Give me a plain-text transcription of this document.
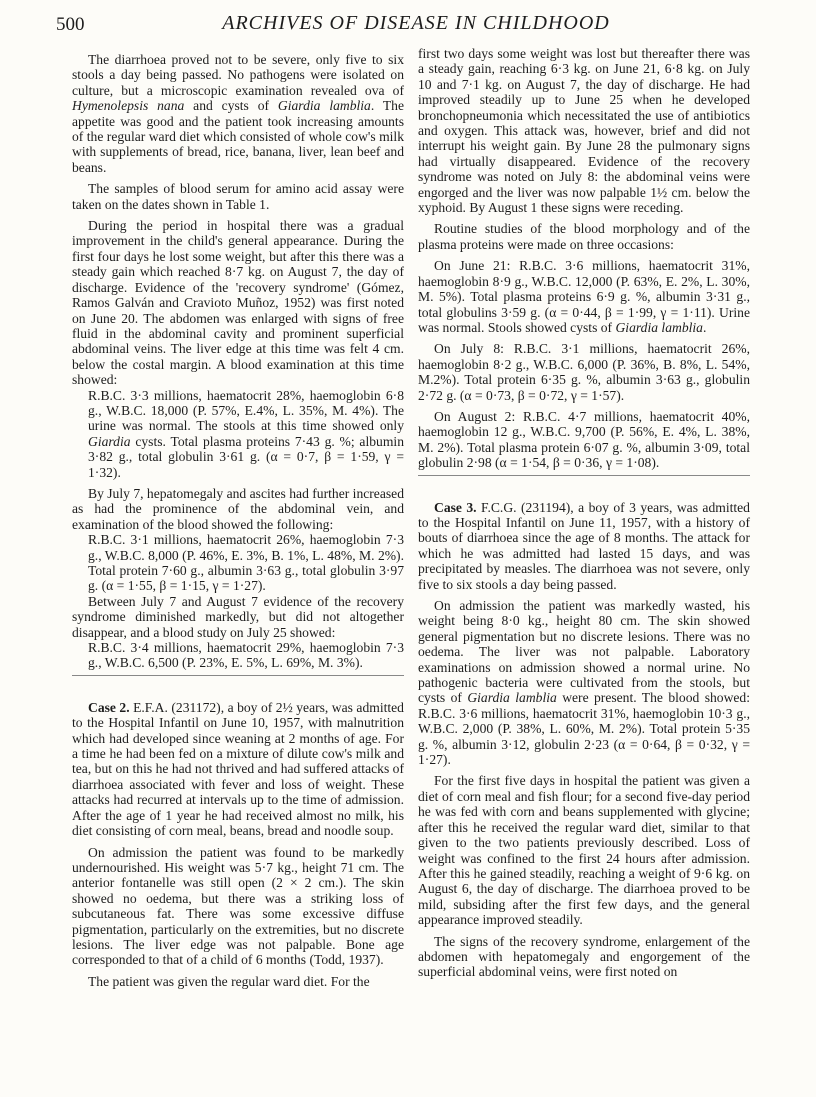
500	ARCHIVES OF DISEASE IN CHILDHOOD

The diarrhoea proved not to be severe, only five to six stools a day being passed. No pathogens were isolated on culture, but a microscopic examination revealed ova of Hymenolepsis nana and cysts of Giardia lamblia. The appetite was good and the patient took increasing amounts of the regular ward diet which consisted of whole cow's milk with supplements of bread, rice, banana, liver, lean beef and beans.

The samples of blood serum for amino acid assay were taken on the dates shown in Table 1.

During the period in hospital there was a gradual improvement in the child's general appearance. During the first four days he lost some weight, but after this there was a steady gain which reached 8·7 kg. on August 7, the day of discharge. Evidence of the 'recovery syndrome' (Gómez, Ramos Galván and Cravioto Muñoz, 1952) was first noted on June 20. The abdomen was enlarged with signs of free fluid in the abdominal cavity and prominent superficial abdominal veins. The liver edge at this time was felt 4 cm. below the costal margin. A blood examination at this time showed:

R.B.C. 3·3 millions, haematocrit 28%, haemoglobin 6·8 g., W.B.C. 18,000 (P. 57%, E.4%, L. 35%, M. 4%). The urine was normal. The stools at this time showed only Giardia cysts. Total plasma proteins 7·43 g. %; albumin 3·82 g., total globulin 3·61 g. (α = 0·7, β = 1·59, γ = 1·32).

By July 7, hepatomegaly and ascites had further increased as had the prominence of the abdominal vein, and examination of the blood showed the following:

R.B.C. 3·1 millions, haematocrit 26%, haemoglobin 7·3 g., W.B.C. 8,000 (P. 46%, E. 3%, B. 1%, L. 48%, M. 2%). Total protein 7·60 g., albumin 3·63 g., total globulin 3·97 g. (α = 1·55, β = 1·15, γ = 1·27).

Between July 7 and August 7 evidence of the recovery syndrome diminished markedly, but did not altogether disappear, and a blood study on July 25 showed:

R.B.C. 3·4 millions, haematocrit 29%, haemoglobin 7·3 g., W.B.C. 6,500 (P. 23%, E. 5%, L. 69%, M. 3%).

Case 2. E.F.A. (231172), a boy of 2½ years, was admitted to the Hospital Infantil on June 10, 1957, with malnutrition which had developed since weaning at 2 months of age. For a time he had been fed on a mixture of dilute cow's milk and tea, but on this he had not thrived and had suffered attacks of diarrhoea associated with fever and loss of weight. These attacks had recurred at intervals up to the time of admission. After the age of 1 year he had received almost no milk, his diet consisting of corn meal, beans, bread and noodle soup.

On admission the patient was found to be markedly undernourished. His weight was 5·7 kg., height 71 cm. The anterior fontanelle was still open (2 × 2 cm.). The skin showed no oedema, but there was a striking loss of subcutaneous fat. There was some excessive diffuse pigmentation, particularly on the extremities, but no discrete lesions. The liver edge was not palpable. Bone age corresponded to that of a child of 6 months (Todd, 1937).

The patient was given the regular ward diet. For the

first two days some weight was lost but thereafter there was a steady gain, reaching 6·3 kg. on June 21, 6·8 kg. on July 10 and 7·1 kg. on August 7, the day of discharge. He had improved steadily up to June 25 when he developed bronchopneumonia which necessitated the use of antibiotics and oxygen. This attack was, however, brief and did not interrupt his weight gain. By June 28 the pulmonary signs had virtually disappeared. Evidence of the recovery syndrome was noted on July 8: the abdominal veins were engorged and the liver was now palpable 1½ cm. below the xyphoid. By August 1 these signs were receding.

Routine studies of the blood morphology and of the plasma proteins were made on three occasions:

On June 21: R.B.C. 3·6 millions, haematocrit 31%, haemoglobin 8·9 g., W.B.C. 12,000 (P. 63%, E. 2%, L. 30%, M. 5%). Total plasma proteins 6·9 g. %, albumin 3·31 g., total globulins 3·59 g. (α = 0·44, β = 1·99, γ = 1·11). Urine was normal. Stools showed cysts of Giardia lamblia.

On July 8: R.B.C. 3·1 millions, haematocrit 26%, haemoglobin 8·2 g., W.B.C. 6,000 (P. 36%, B. 8%, L. 54%, M.2%). Total protein 6·35 g. %, albumin 3·63 g., globulin 2·72 g. (α = 0·73, β = 0·72, γ = 1·57).

On August 2: R.B.C. 4·7 millions, haematocrit 40%, haemoglobin 12 g., W.B.C. 9,700 (P. 56%, E. 4%, L. 38%, M. 2%). Total plasma protein 6·07 g. %, albumin 3·09, total globulin 2·98 (α = 1·54, β = 0·36, γ = 1·08).

Case 3. F.C.G. (231194), a boy of 3 years, was admitted to the Hospital Infantil on June 11, 1957, with a history of bouts of diarrhoea since the age of 8 months. The attack for which he was admitted had lasted 15 days, and was precipitated by measles. The diarrhoea was not severe, only five to six stools a day being passed.

On admission the patient was markedly wasted, his weight being 8·0 kg., height 80 cm. The skin showed general pigmentation but no discrete lesions. There was no oedema. The liver was not palpable. Laboratory examinations on admission showed a normal urine. No pathogenic bacteria were cultivated from the stools, but cysts of Giardia lamblia were present. The blood showed: R.B.C. 3·6 millions, haematocrit 31%, haemoglobin 10·3 g., W.B.C. 2,000 (P. 38%, L. 60%, M. 2%). Total protein 5·35 g. %, albumin 3·12, globulin 2·23 (α = 0·64, β = 0·32, γ = 1·27).

For the first five days in hospital the patient was given a diet of corn meal and fish flour; for a second five-day period he was fed with corn and beans supplemented with glycine; after this he received the regular ward diet, similar to that given to the two patients previously described. Loss of weight was confined to the first 24 hours after admission. After this he gained steadily, reaching a weight of 9·6 kg. on August 6, the day of discharge. The diarrhoea proved to be mild, subsiding after the first few days, and the general appearance improved steadily.

The signs of the recovery syndrome, enlargement of the abdomen with hepatomegaly and engorgement of the superficial abdominal veins, were first noted on
